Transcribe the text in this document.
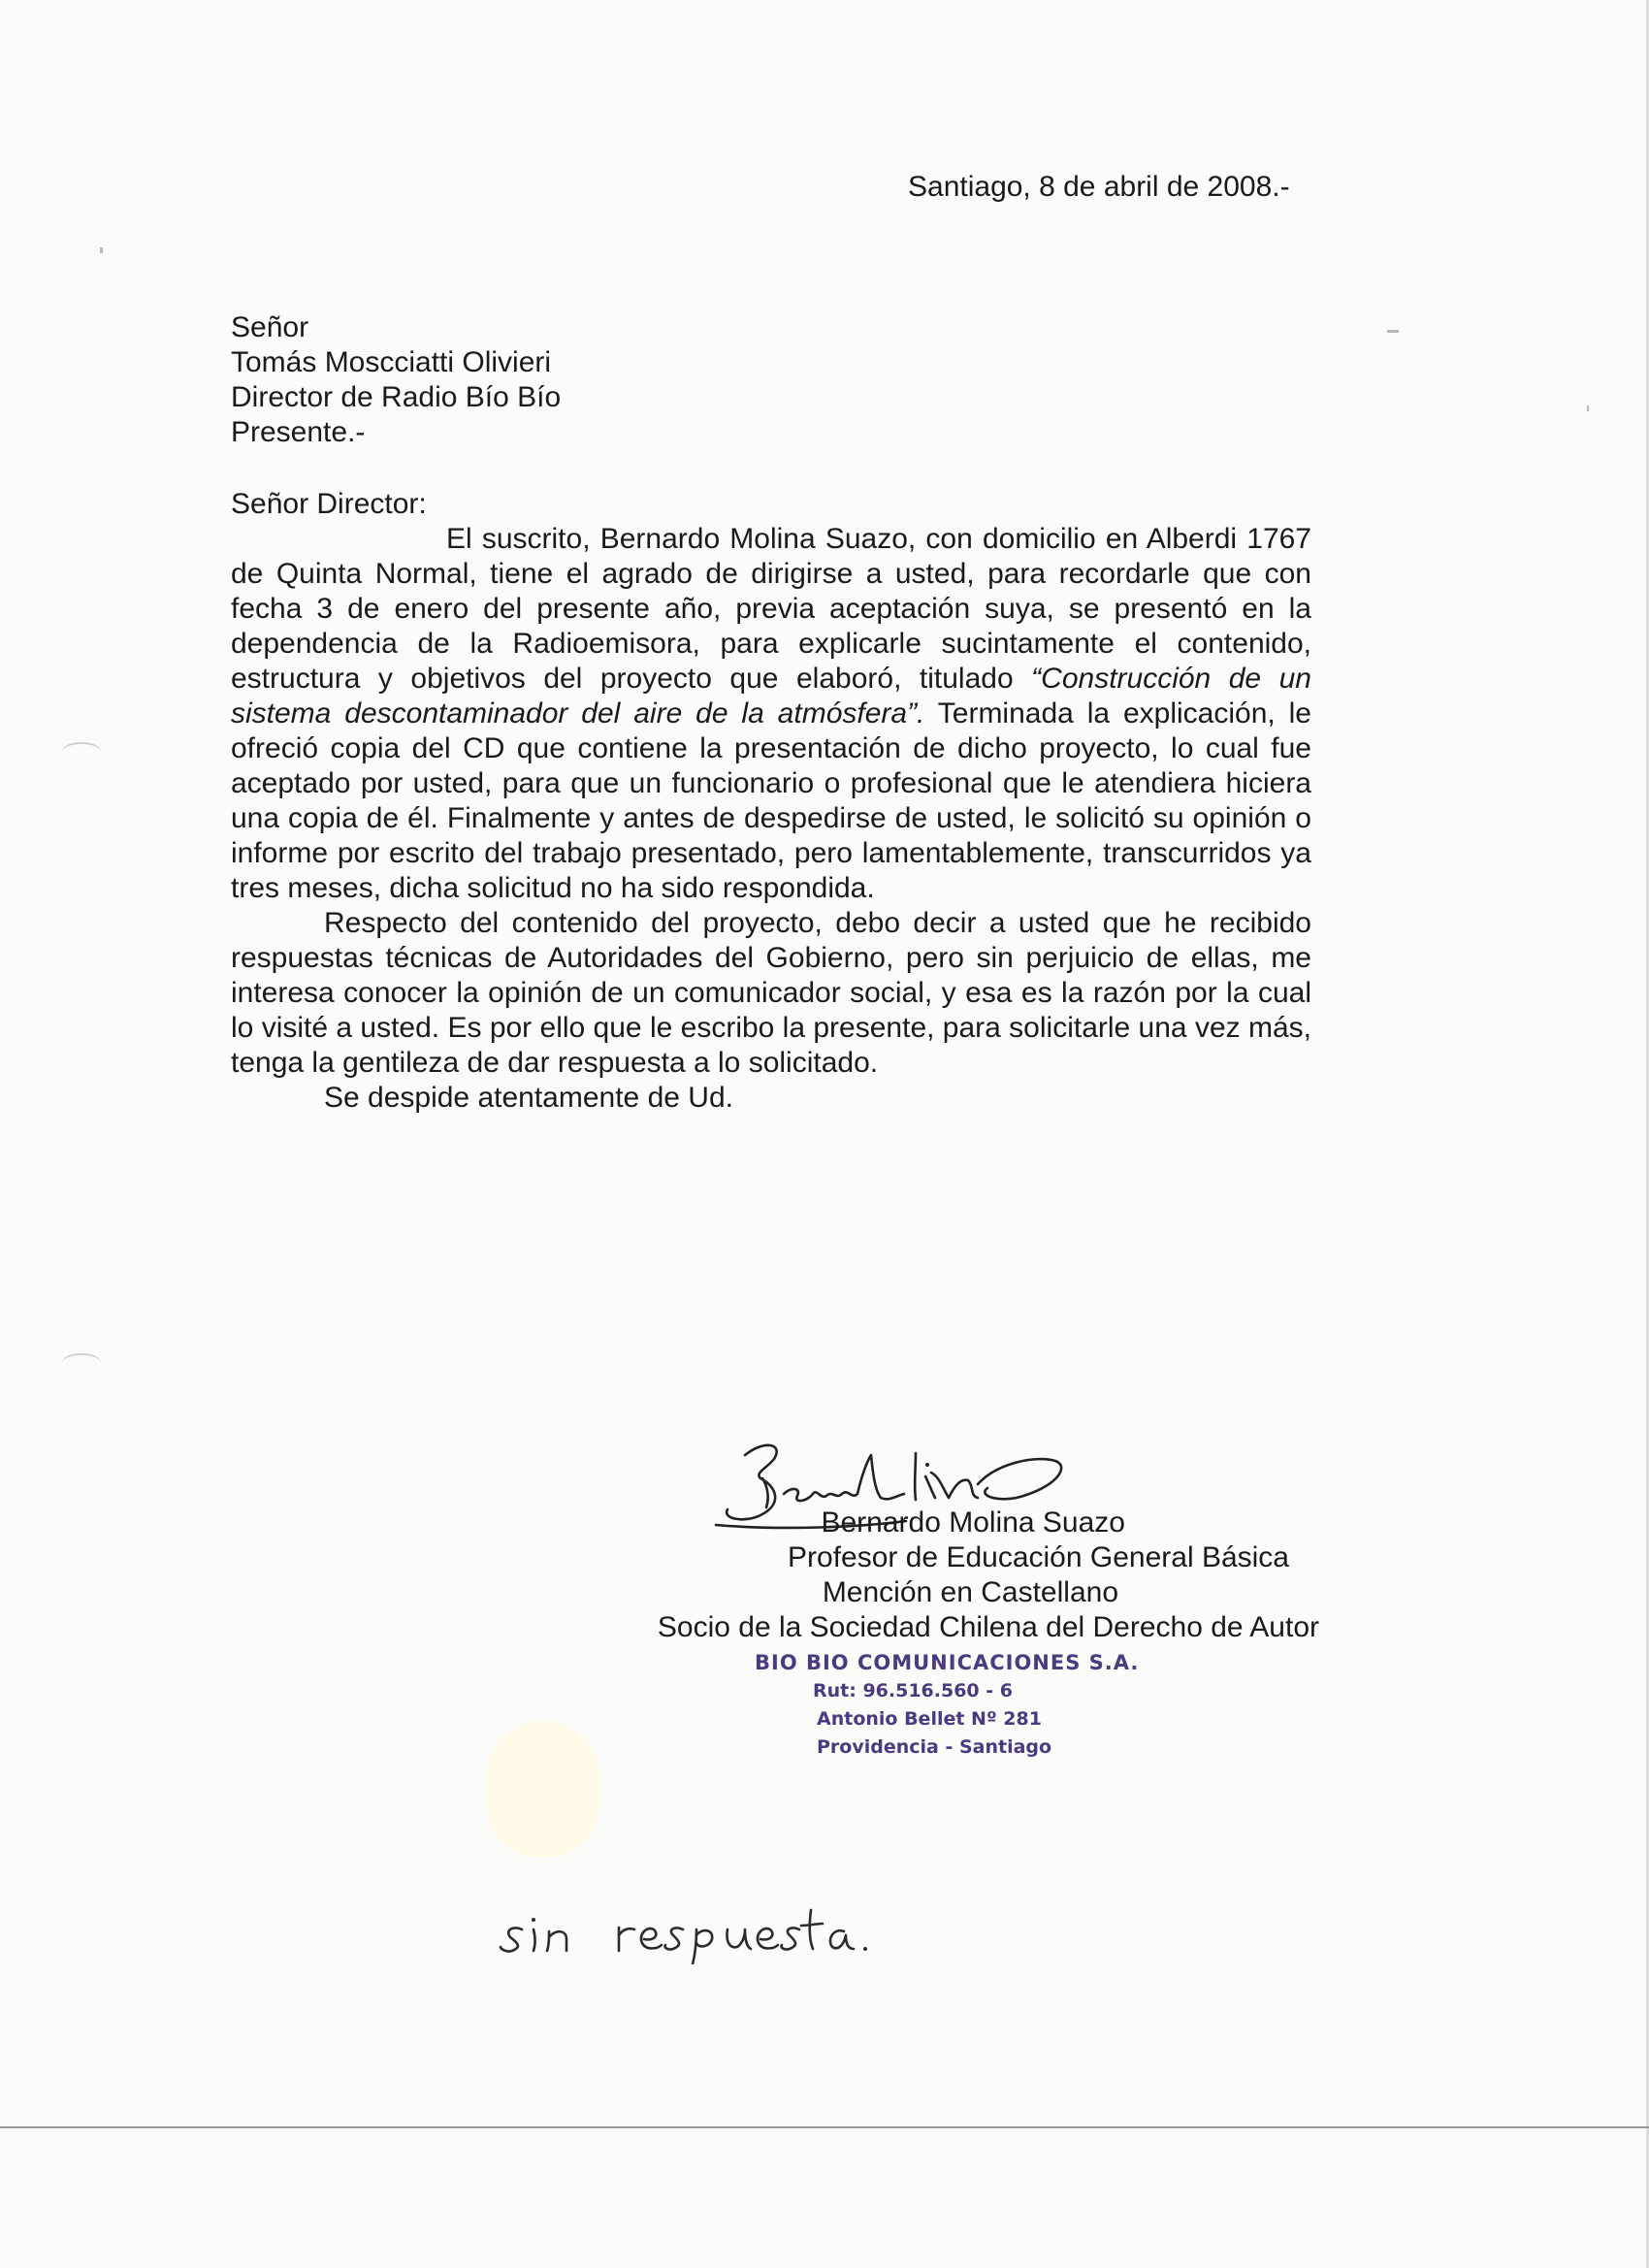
Santiago, 8 de abril de 2008.-
Señor
Tomás Moscciatti Olivieri
Director de Radio Bío Bío
Presente.-
Señor Director:

El suscrito, Bernardo Molina Suazo, con domicilio en Alberdi 1767 de Quinta Normal, tiene el agrado de dirigirse a usted, para recordarle que con fecha 3 de enero del presente año, previa aceptación suya, se presentó en la dependencia de la Radioemisora, para explicarle sucintamente el contenido, estructura y objetivos del proyecto que elaboró, titulado “Construcción de un sistema descontaminador del aire de la atmósfera”. Terminada la explicación, le ofreció copia del CD que contiene la presentación de dicho proyecto, lo cual fue aceptado por usted, para que un funcionario o profesional que le atendiera hiciera una copia de él. Finalmente y antes de despedirse de usted, le solicitó su opinión o informe por escrito del trabajo presentado, pero lamentablemente, transcurridos ya tres meses, dicha solicitud no ha sido respondida.

Respecto del contenido del proyecto, debo decir a usted que he recibido respuestas técnicas de Autoridades del Gobierno, pero sin perjuicio de ellas, me interesa conocer la opinión de un comunicador social, y esa es la razón por la cual lo visité a usted. Es por ello que le escribo la presente, para solicitarle una vez más, tenga la gentileza de dar respuesta a lo solicitado.

Se despide atentamente de Ud.

Bernardo Molina Suazo
Profesor de Educación General Básica
Mención en Castellano
Socio de la Sociedad Chilena del Derecho de Autor
BIO BIO COMUNICACIONES S.A.
Rut: 96.516.560 - 6
Antonio Bellet Nº 281
Providencia - Santiago
sin respuesta.
